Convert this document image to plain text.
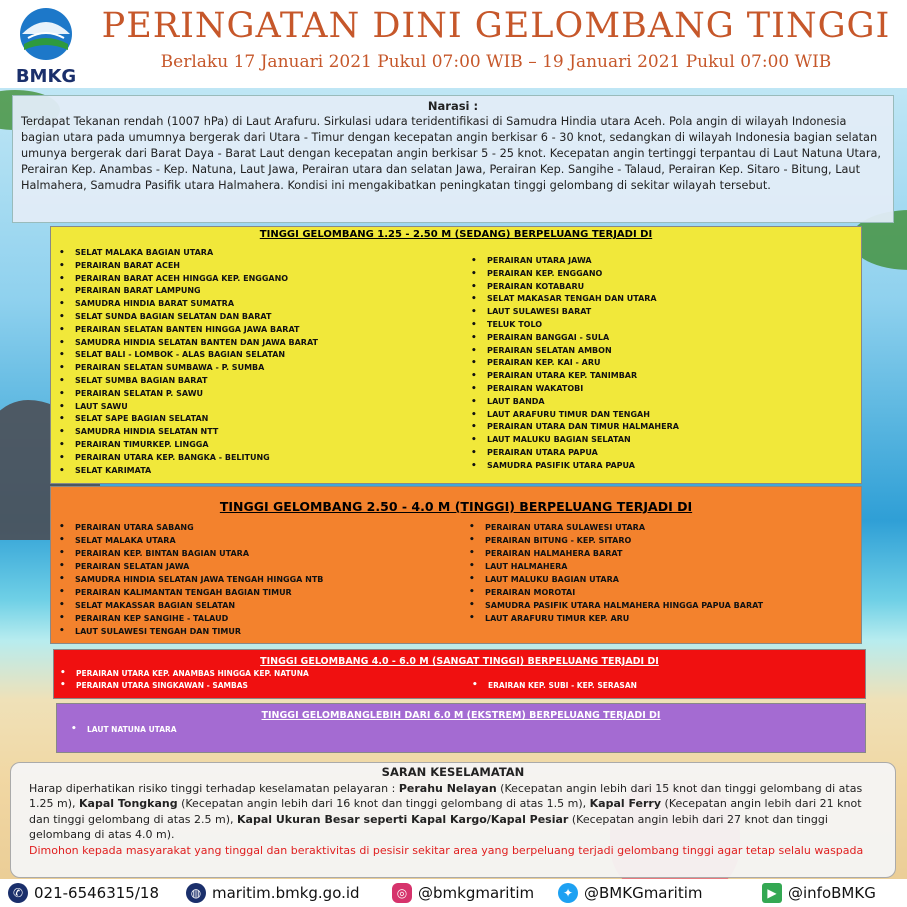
BMKG
PERINGATAN DINI GELOMBANG TINGGI
Berlaku 17 Januari 2021 Pukul 07:00 WIB – 19 Januari 2021 Pukul 07:00 WIB
Narasi :
Terdapat Tekanan rendah (1007 hPa) di Laut Arafuru. Sirkulasi udara teridentifikasi di Samudra Hindia utara Aceh. Pola angin di wilayah Indonesia bagian utara pada umumnya bergerak dari Utara - Timur dengan kecepatan angin berkisar 6 - 30 knot, sedangkan di wilayah Indonesia bagian selatan umunya bergerak dari Barat Daya - Barat Laut dengan kecepatan angin berkisar 5 - 25 knot. Kecepatan angin tertinggi terpantau di Laut Natuna Utara, Perairan Kep. Anambas - Kep. Natuna, Laut Jawa, Perairan utara dan selatan Jawa, Perairan Kep. Sangihe - Talaud, Perairan Kep. Sitaro - Bitung, Laut Halmahera, Samudra Pasifik utara Halmahera. Kondisi ini mengakibatkan peningkatan tinggi gelombang di sekitar wilayah tersebut.
TINGGI GELOMBANG 1.25 - 2.50 M (SEDANG) BERPELUANG TERJADI DI
• SELAT MALAKA BAGIAN UTARA
• PERAIRAN BARAT ACEH
• PERAIRAN BARAT ACEH HINGGA KEP. ENGGANO
• PERAIRAN BARAT LAMPUNG
• SAMUDRA HINDIA BARAT SUMATRA
• SELAT SUNDA BAGIAN SELATAN DAN BARAT
• PERAIRAN SELATAN BANTEN HINGGA JAWA BARAT
• SAMUDRA HINDIA SELATAN BANTEN DAN JAWA BARAT
• SELAT BALI - LOMBOK - ALAS BAGIAN SELATAN
• PERAIRAN SELATAN SUMBAWA - P. SUMBA
• SELAT SUMBA BAGIAN BARAT
• PERAIRAN SELATAN P. SAWU
• LAUT SAWU
• SELAT SAPE BAGIAN SELATAN
• SAMUDRA HINDIA SELATAN NTT
• PERAIRAN TIMURKEP. LINGGA
• PERAIRAN UTARA KEP. BANGKA - BELITUNG
• SELAT KARIMATA
• PERAIRAN UTARA JAWA
• PERAIRAN KEP. ENGGANO
• PERAIRAN KOTABARU
• SELAT MAKASAR TENGAH DAN UTARA
• LAUT SULAWESI BARAT
• TELUK TOLO
• PERAIRAN BANGGAI - SULA
• PERAIRAN SELATAN AMBON
• PERAIRAN KEP. KAI - ARU
• PERAIRAN UTARA KEP. TANIMBAR
• PERAIRAN WAKATOBI
• LAUT BANDA
• LAUT ARAFURU TIMUR DAN TENGAH
• PERAIRAN UTARA DAN TIMUR HALMAHERA
• LAUT MALUKU BAGIAN SELATAN
• PERAIRAN UTARA PAPUA
• SAMUDRA PASIFIK UTARA PAPUA
TINGGI GELOMBANG 2.50 - 4.0 M (TINGGI) BERPELUANG TERJADI DI
• PERAIRAN UTARA SABANG
• SELAT MALAKA UTARA
• PERAIRAN KEP. BINTAN BAGIAN UTARA
• PERAIRAN SELATAN JAWA
• SAMUDRA HINDIA SELATAN JAWA TENGAH HINGGA NTB
• PERAIRAN KALIMANTAN TENGAH BAGIAN TIMUR
• SELAT MAKASSAR BAGIAN SELATAN
• PERAIRAN KEP SANGIHE - TALAUD
• LAUT SULAWESI TENGAH DAN TIMUR
• PERAIRAN UTARA SULAWESI UTARA
• PERAIRAN BITUNG - KEP. SITARO
• PERAIRAN HALMAHERA BARAT
• LAUT HALMAHERA
• LAUT MALUKU BAGIAN UTARA
• PERAIRAN MOROTAI
• SAMUDRA PASIFIK UTARA HALMAHERA HINGGA PAPUA BARAT
• LAUT ARAFURU TIMUR KEP. ARU
TINGGI GELOMBANG 4.0 - 6.0 M (SANGAT TINGGI) BERPELUANG TERJADI DI
• PERAIRAN UTARA KEP. ANAMBAS HINGGA KEP. NATUNA
• PERAIRAN UTARA SINGKAWAN - SAMBAS
•	ERAIRAN KEP. SUBI - KEP. SERASAN
TINGGI GELOMBANGLEBIH DARI 6.0 M (EKSTREM) BERPELUANG TERJADI DI
• LAUT NATUNA UTARA
SARAN KESELAMATAN

Harap diperhatikan risiko tinggi terhadap keselamatan pelayaran : Perahu Nelayan (Kecepatan angin lebih dari 15 knot dan tinggi gelombang di atas 1.25 m), Kapal Tongkang (Kecepatan angin lebih dari 16 knot dan tinggi gelombang di atas 1.5 m), Kapal Ferry (Kecepatan angin lebih dari 21 knot dan tinggi gelombang di atas 2.5 m), Kapal Ukuran Besar seperti Kapal Kargo/Kapal Pesiar (Kecepatan angin lebih dari 27 knot dan tinggi gelombang di atas 4.0 m).

Dimohon kepada masyarakat yang tinggal dan beraktivitas di pesisir sekitar area yang berpeluang terjadi gelombang tinggi agar tetap selalu waspada

✆ 021-6546315/18	◍ maritim.bmkg.go.id	◎ @bmkgmaritim	✦ @BMKGmaritim	▶ @infoBMKG
